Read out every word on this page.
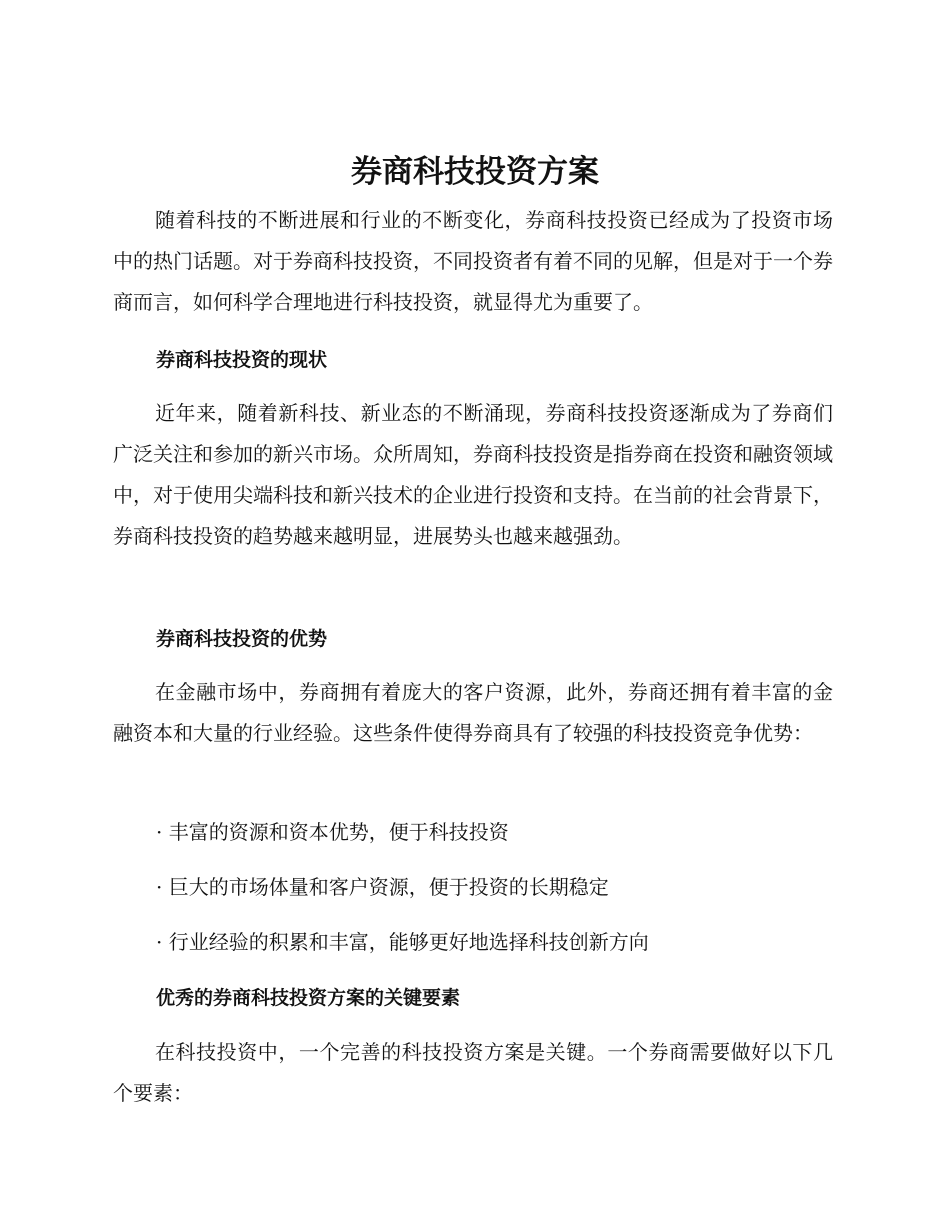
券商科技投资方案

随着科技的不断进展和行业的不断变化，券商科技投资已经成为了投资市场中的热门话题。对于券商科技投资，不同投资者有着不同的见解，但是对于一个券商而言，如何科学合理地进行科技投资，就显得尤为重要了。

券商科技投资的现状

近年来，随着新科技、新业态的不断涌现，券商科技投资逐渐成为了券商们广泛关注和参加的新兴市场。众所周知，券商科技投资是指券商在投资和融资领域中，对于使用尖端科技和新兴技术的企业进行投资和支持。在当前的社会背景下，券商科技投资的趋势越来越明显，进展势头也越来越强劲。

券商科技投资的优势

在金融市场中，券商拥有着庞大的客户资源，此外，券商还拥有着丰富的金融资本和大量的行业经验。这些条件使得券商具有了较强的科技投资竞争优势：

· 丰富的资源和资本优势，便于科技投资

· 巨大的市场体量和客户资源，便于投资的长期稳定

· 行业经验的积累和丰富，能够更好地选择科技创新方向

优秀的券商科技投资方案的关键要素

在科技投资中，一个完善的科技投资方案是关键。一个券商需要做好以下几个要素：
